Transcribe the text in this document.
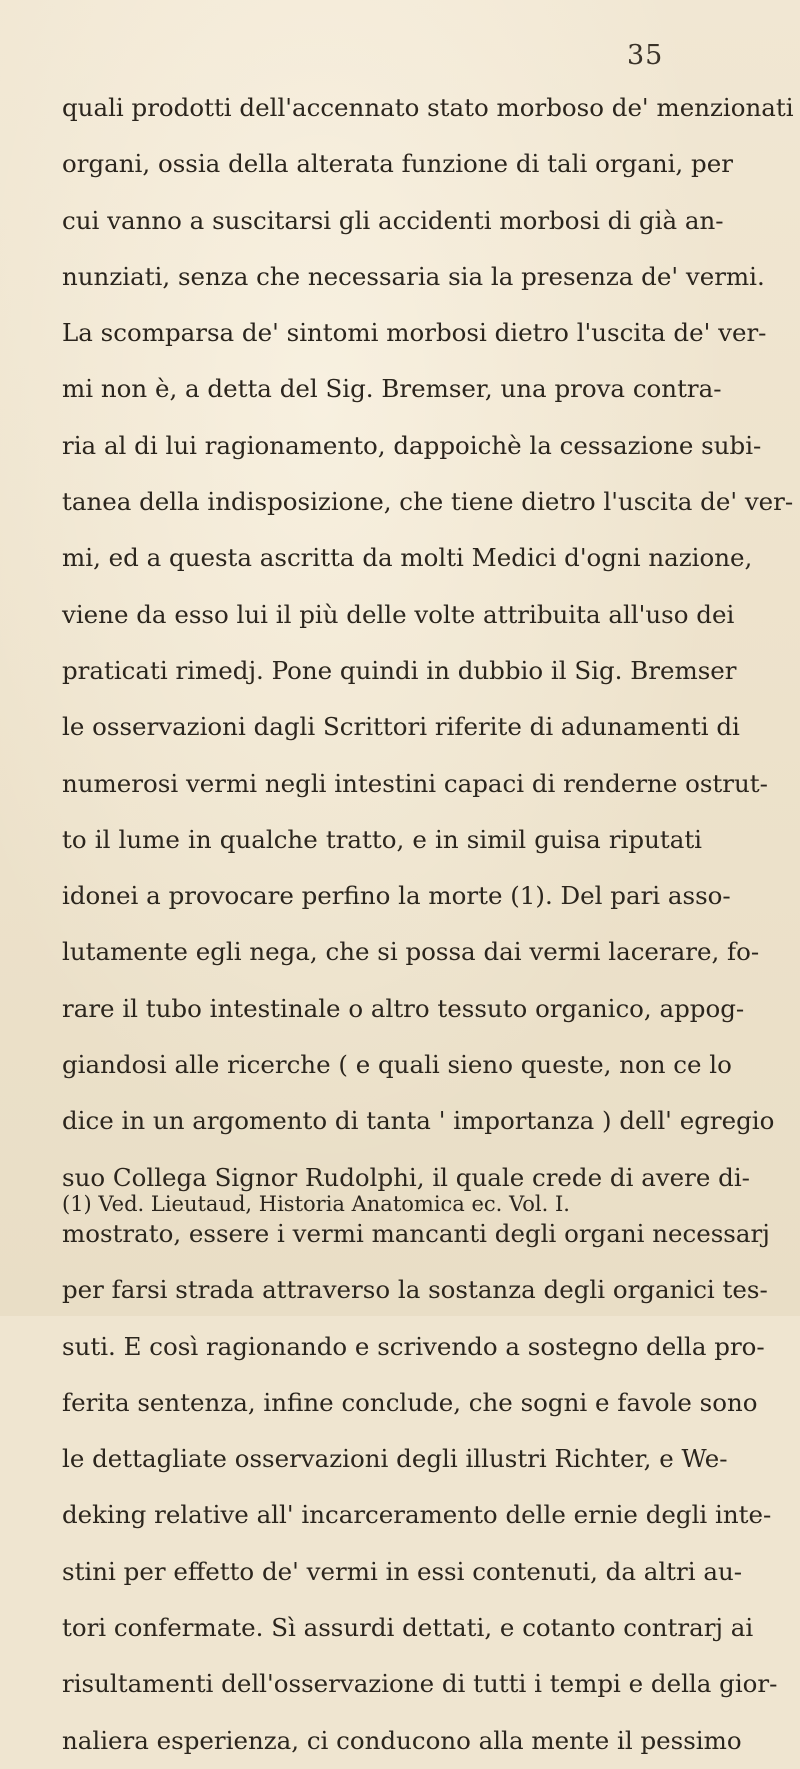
35
quali prodotti dell'accennato stato morboso de' menzionati
organi, ossia della alterata funzione di tali organi, per
cui vanno a suscitarsi gli accidenti morbosi di già an-
nunziati, senza che necessaria sia la presenza de' vermi.
La scomparsa de' sintomi morbosi dietro l'uscita de' ver-
mi non è, a detta del Sig. Bremser, una prova contra-
ria al di lui ragionamento, dappoichè la cessazione subi-
tanea della indisposizione, che tiene dietro l'uscita de' ver-
mi, ed a questa ascritta da molti Medici d'ogni nazione,
viene da esso lui il più delle volte attribuita all'uso dei
praticati rimedj. Pone quindi in dubbio il Sig. Bremser
le osservazioni dagli Scrittori riferite di adunamenti di
numerosi vermi negli intestini capaci di renderne ostrut-
to il lume in qualche tratto, e in simil guisa riputati
idonei a provocare perfino la morte (1). Del pari asso-
lutamente egli nega, che si possa dai vermi lacerare, fo-
rare il tubo intestinale o altro tessuto organico, appog-
giandosi alle ricerche ( e quali sieno queste, non ce lo
dice in un argomento di tanta ' importanza ) dell' egregio
suo Collega Signor Rudolphi, il quale crede di avere di-
mostrato, essere i vermi mancanti degli organi necessarj
per farsi strada attraverso la sostanza degli organici tes-
suti. E così ragionando e scrivendo a sostegno della pro-
ferita sentenza, infine conclude, che sogni e favole sono
le dettagliate osservazioni degli illustri Richter, e We-
deking relative all' incarceramento delle ernie degli inte-
stini per effetto de' vermi in essi contenuti, da altri au-
tori confermate. Sì assurdi dettati, e cotanto contrarj ai
risultamenti dell'osservazione di tutti i tempi e della gior-
naliera esperienza, ci conducono alla mente il pessimo
(1) Ved. Lieutaud, Historia Anatomica ec. Vol. I.
